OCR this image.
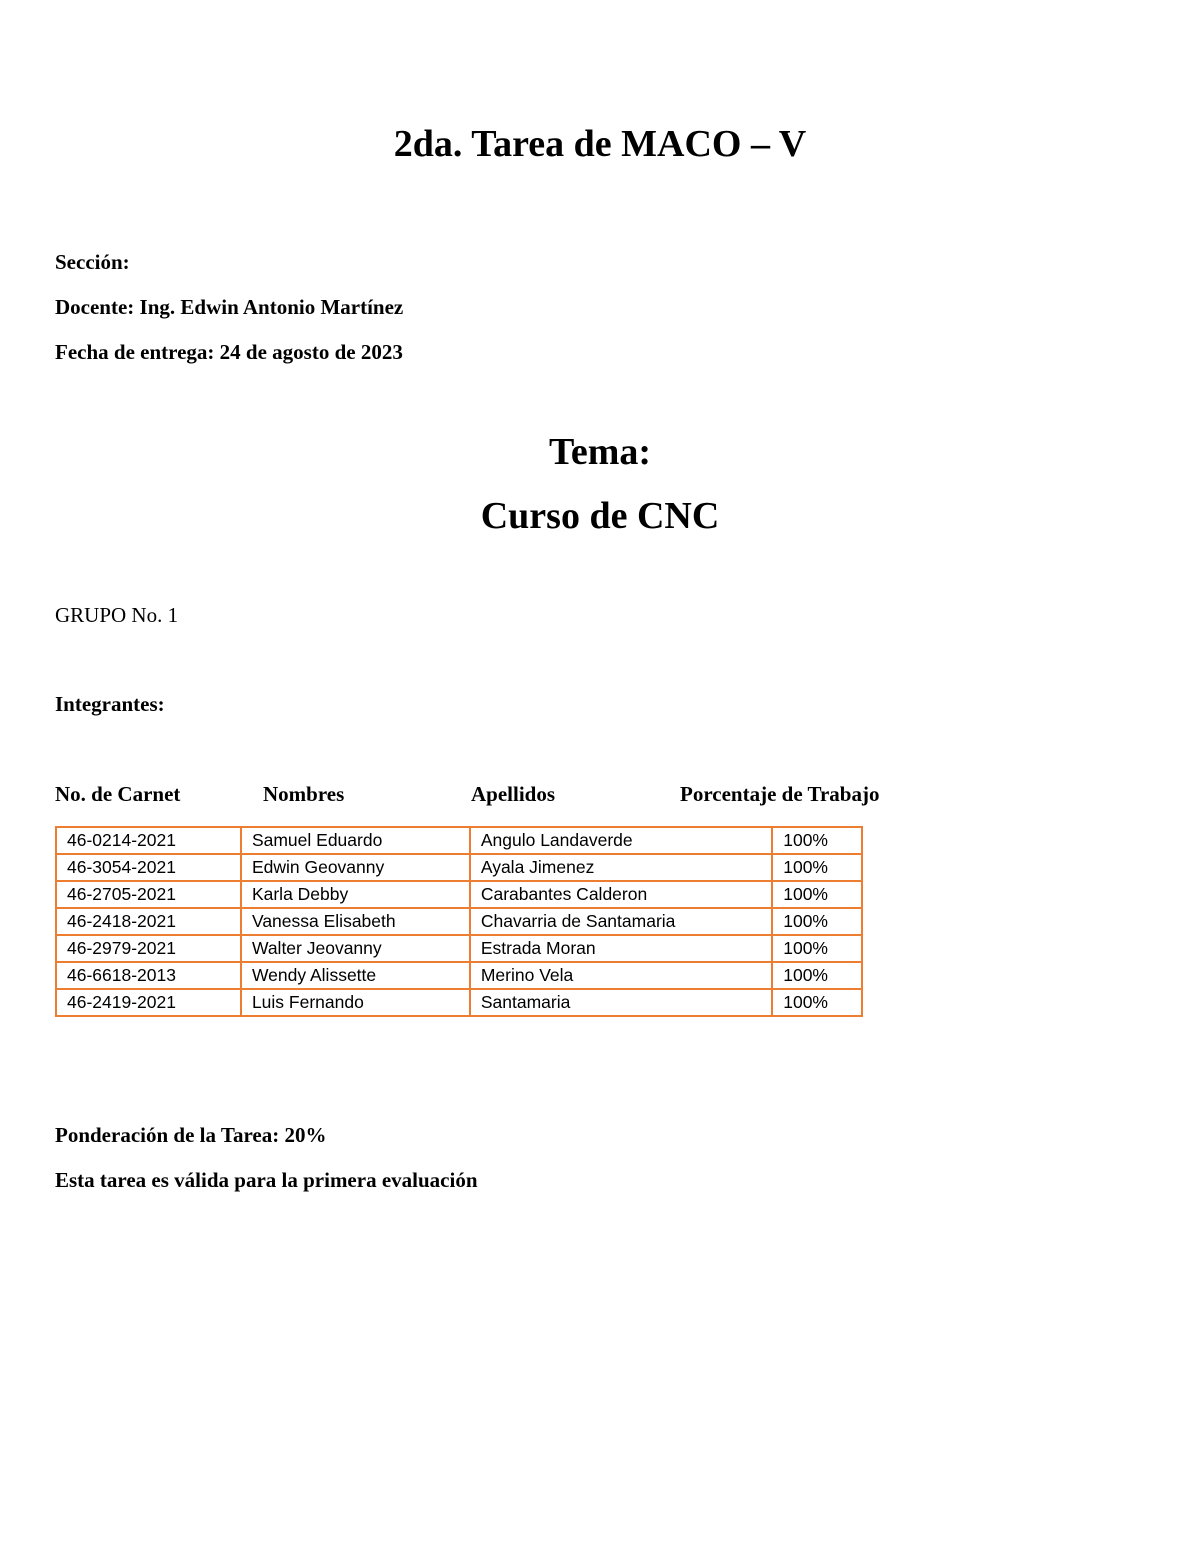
2da. Tarea de MACO – V

Sección:

Docente: Ing. Edwin Antonio Martínez

Fecha de entrega: 24 de agosto de 2023

Tema:
Curso de CNC

GRUPO No. 1

Integrantes:

No. de Carnet	Nombres	Apellidos	Porcentaje de Trabajo
46-0214-2021	Samuel Eduardo	Angulo Landaverde	100%
46-3054-2021	Edwin Geovanny	Ayala Jimenez	100%
46-2705-2021	Karla Debby	Carabantes Calderon	100%
46-2418-2021	Vanessa Elisabeth	Chavarria de Santamaria	100%
46-2979-2021	Walter Jeovanny	Estrada Moran	100%
46-6618-2013	Wendy Alissette	Merino Vela	100%
46-2419-2021	Luis Fernando	Santamaria	100%

Ponderación de la Tarea: 20%

Esta tarea es válida para la primera evaluación
